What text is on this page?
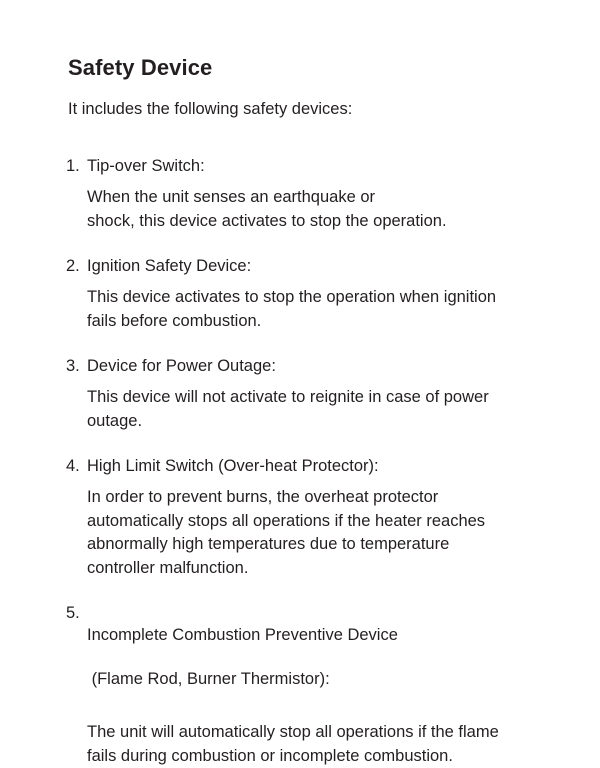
Safety Device
It includes the following safety devices:
1. Tip-over Switch:
When the unit senses an earthquake or
shock, this device activates to stop the operation.
2. Ignition Safety Device:
This device activates to stop the operation when ignition
fails before combustion.
3. Device for Power Outage:
This device will not activate to reignite in case of power
outage.
4. High Limit Switch (Over-heat Protector):
In order to prevent burns, the overheat protector
automatically stops all operations if the heater reaches
abnormally high temperatures due to temperature
controller malfunction.
5.

Incomplete Combustion Preventive Device

(Flame Rod, Burner Thermistor):

The unit will automatically stop all operations if the flame
fails during combustion or incomplete combustion.
